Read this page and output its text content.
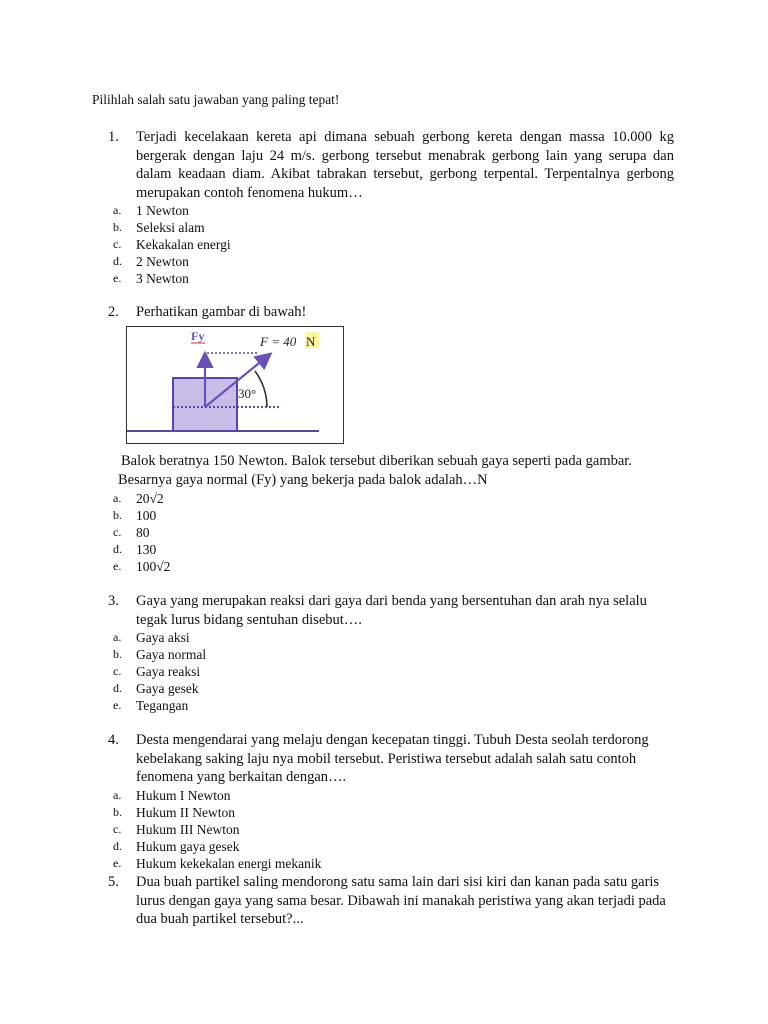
Pilihlah salah satu jawaban yang paling tepat!
1.	Terjadi kecelakaan kereta api dimana sebuah gerbong kereta dengan massa 10.000 kg bergerak dengan laju 24 m/s. gerbong tersebut menabrak gerbong lain yang serupa dan dalam keadaan diam. Akibat tabrakan tersebut, gerbong terpental. Terpentalnya gerbong merupakan contoh fenomena hukum…
a. 1 Newton
b. Seleksi alam
c. Kekakalan energi
d. 2 Newton
e. 3 Newton
2.	Perhatikan gambar di bawah!
Fy	F = 40 N
30°
Balok beratnya 150 Newton. Balok tersebut diberikan sebuah gaya seperti pada gambar.
Besarnya gaya normal (Fy) yang bekerja pada balok adalah…N
a. 20√2
b. 100
c. 80
d. 130
e. 100√2
3.	Gaya yang merupakan reaksi dari gaya dari benda yang bersentuhan dan arah nya selalu tegak lurus bidang sentuhan disebut….
a. Gaya aksi
b. Gaya normal
c. Gaya reaksi
d. Gaya gesek
e. Tegangan
4.	Desta mengendarai yang melaju dengan kecepatan tinggi. Tubuh Desta seolah terdorong kebelakang saking laju nya mobil tersebut. Peristiwa tersebut adalah salah satu contoh fenomena yang berkaitan dengan….
a. Hukum I Newton
b. Hukum II Newton
c. Hukum III Newton
d. Hukum gaya gesek
e. Hukum kekekalan energi mekanik
5.	Dua buah partikel saling mendorong satu sama lain dari sisi kiri dan kanan pada satu garis lurus dengan gaya yang sama besar. Dibawah ini manakah peristiwa yang akan terjadi pada dua buah partikel tersebut?...
